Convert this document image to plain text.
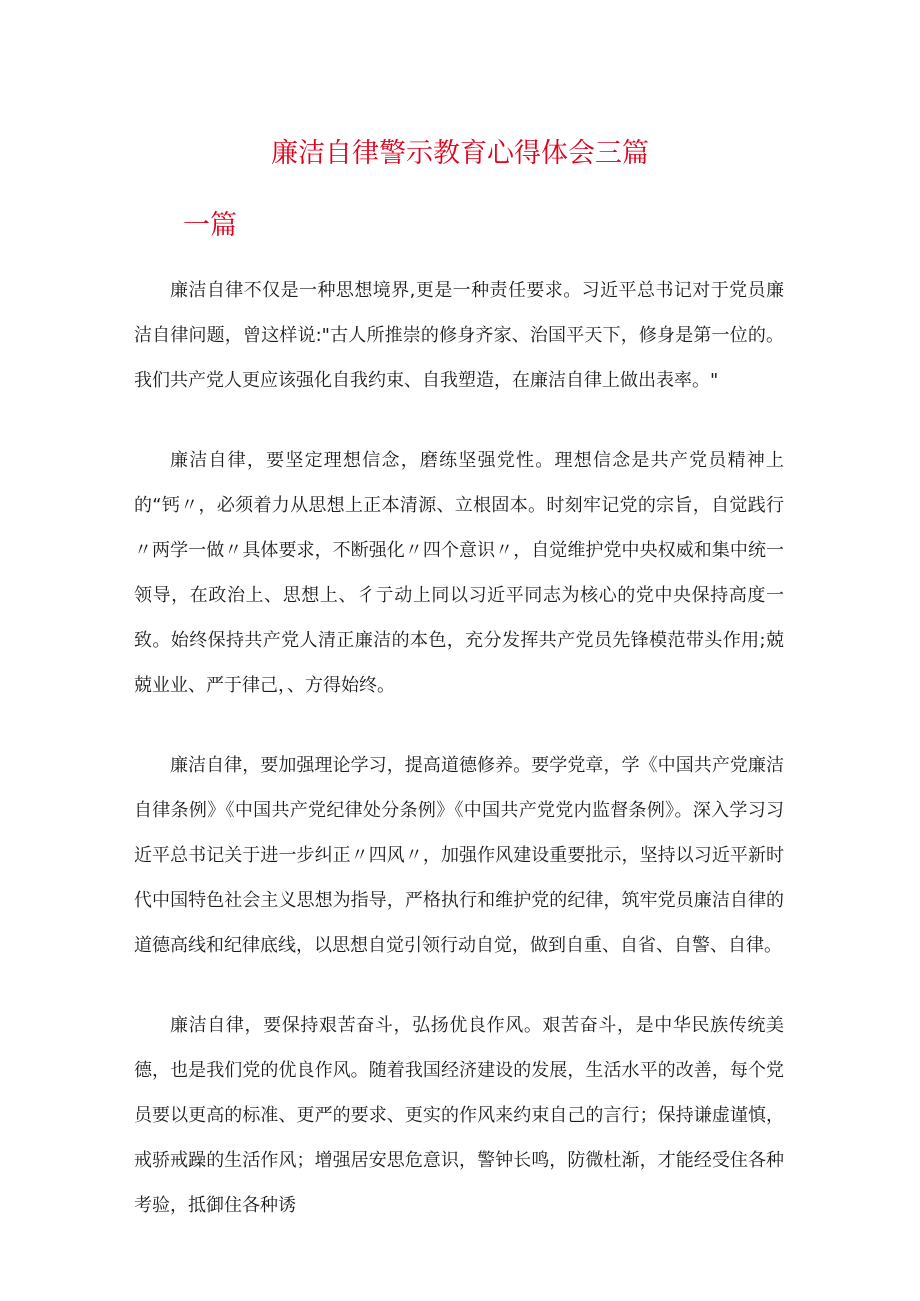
廉洁自律警示教育心得体会三篇
一篇

廉洁自律不仅是一种思想境界,更是一种责任要求。习近平总书记对于党员廉洁自律问题，曾这样说:"古人所推崇的修身齐家、治国平天下，修身是第一位的。我们共产党人更应该强化自我约束、自我塑造，在廉洁自律上做出表率。"

廉洁自律，要坚定理想信念，磨练坚强党性。理想信念是共产党员精神上的“钙〃，必须着力从思想上正本清源、立根固本。时刻牢记党的宗旨，自觉践行〃两学一做〃具体要求，不断强化〃四个意识〃，自觉维护党中央权威和集中统一领导，在政治上、思想上、彳亍动上同以习近平同志为核心的党中央保持高度一致。始终保持共产党人清正廉洁的本色，充分发挥共产党员先锋模范带头作用;兢兢业业、严于律己，、方得始终。

廉洁自律，要加强理论学习，提高道德修养。要学党章，学《中国共产党廉洁自律条例》《中国共产党纪律处分条例》《中国共产党党内监督条例》。深入学习习近平总书记关于进一步纠正〃四风〃，加强作风建设重要批示，坚持以习近平新时代中国特色社会主义思想为指导，严格执行和维护党的纪律，筑牢党员廉洁自律的道德高线和纪律底线，以思想自觉引领行动自觉，做到自重、自省、自警、自律。

廉洁自律，要保持艰苦奋斗，弘扬优良作风。艰苦奋斗，是中华民族传统美德，也是我们党的优良作风。随着我国经济建设的发展，生活水平的改善，每个党员要以更高的标准、更严的要求、更实的作风来约束自己的言行；保持谦虚谨慎，戒骄戒躁的生活作风；增强居安思危意识，警钟长鸣，防微杜渐，才能经受住各种考验，抵御住各种诱
